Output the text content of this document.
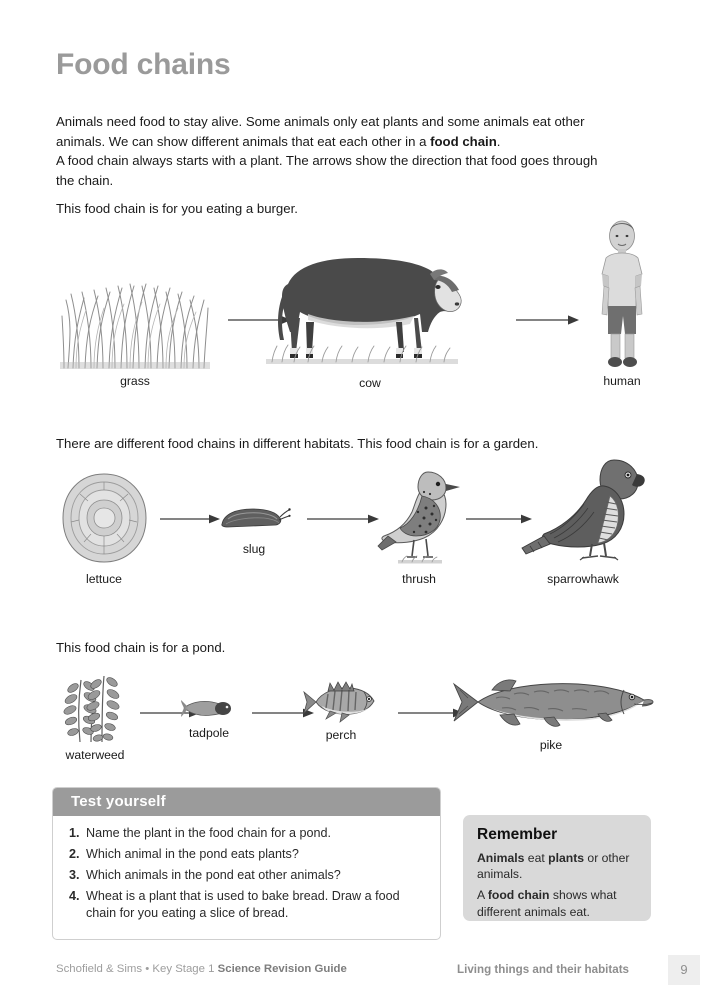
Food chains
Animals need food to stay alive. Some animals only eat plants and some animals eat other animals. We can show different animals that eat each other in a food chain.
A food chain always starts with a plant. The arrows show the direction that food goes through the chain.
This food chain is for you eating a burger.
grass	cow	human
There are different food chains in different habitats. This food chain is for a garden.
lettuce
slug
thrush	sparrowhawk
This food chain is for a pond.
waterweed
tadpole	perch
pike
Test yourself
1. Name the plant in the food chain for a pond.
2. Which animal in the pond eats plants?
3. Which animals in the pond eat other animals?
4. Wheat is a plant that is used to bake bread. Draw a food chain for you eating a slice of bread.
Remember
Animals eat plants or other animals.
A food chain shows what different animals eat.
Schofield & Sims • Key Stage 1 Science Revision Guide	Living things and their habitats	9
